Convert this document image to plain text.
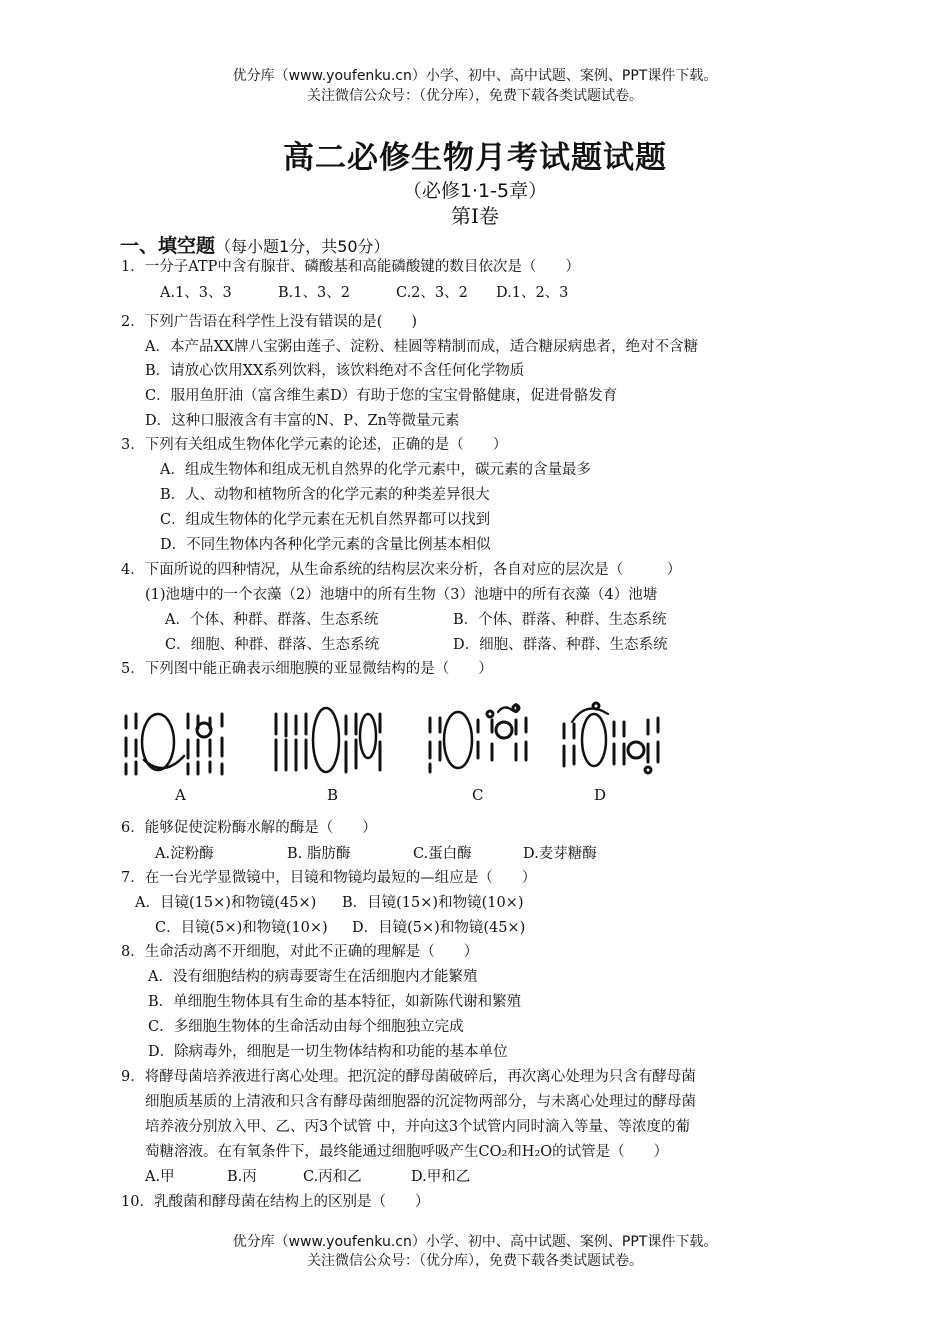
优分库（www.youfenku.cn）小学、初中、高中试题、案例、PPT课件下载。
关注微信公众号：（优分库），免费下载各类试题试卷。
高二必修生物月考试题试题
（必修1·1-5章）
第Ⅰ卷
一、填空题（每小题1分，共50分）
1．一分子ATP中含有腺苷、磷酸基和高能磷酸键的数目依次是（　　）
A.1、3、3	B.1、3、2	C.2、3、2 D.1、2、3
2．下列广告语在科学性上没有错误的是(　　)
A．本产品XX牌八宝粥由莲子、淀粉、桂圆等精制而成，适合糖尿病患者，绝对不含糖
B．请放心饮用XX系列饮料，该饮料绝对不含任何化学物质
C．服用鱼肝油（富含维生素D）有助于您的宝宝骨骼健康，促进骨骼发育
D．这种口服液含有丰富的N、P、Zn等微量元素
3．下列有关组成生物体化学元素的论述，正确的是（　　）
A．组成生物体和组成无机自然界的化学元素中，碳元素的含量最多
B．人、动物和植物所含的化学元素的种类差异很大
C．组成生物体的化学元素在无机自然界都可以找到
D．不同生物体内各种化学元素的含量比例基本相似
4．下面所说的四种情况，从生命系统的结构层次来分析，各自对应的层次是（　　　）
(1)池塘中的一个衣藻（2）池塘中的所有生物（3）池塘中的所有衣藻（4）池塘
A．个体、种群、群落、生态系统	B．个体、群落、种群、生态系统
C．细胞、种群、群落、生态系统	D．细胞、群落、种群、生态系统
5．下列图中能正确表示细胞膜的亚显微结构的是（　　）
A	B	C	D
6．能够促使淀粉酶水解的酶是（　　）
A.淀粉酶	B. 脂肪酶	C.蛋白酶	D.麦芽糖酶
7．在一台光学显微镜中，目镜和物镜均最短的—组应是（　　）
A．目镜(15×)和物镜(45×) B．目镜(15×)和物镜(10×)
C．目镜(5×)和物镜(10×) D．目镜(5×)和物镜(45×)
8．生命活动离不开细胞，对此不正确的理解是（　　）
A．没有细胞结构的病毒要寄生在活细胞内才能繁殖
B．单细胞生物体具有生命的基本特征，如新陈代谢和繁殖
C．多细胞生物体的生命活动由每个细胞独立完成
D．除病毒外，细胞是一切生物体结构和功能的基本单位
9．将酵母菌培养液进行离心处理。把沉淀的酵母菌破碎后，再次离心处理为只含有酵母菌
细胞质基质的上清液和只含有酵母菌细胞器的沉淀物两部分，与未离心处理过的酵母菌
培养液分别放入甲、乙、丙3个试管 中，并向这3个试管内同时滴入等量、等浓度的葡
萄糖溶液。在有氧条件下，最终能通过细胞呼吸产生CO₂和H₂O的试管是（　　）
A.甲	B.丙	C.丙和乙	D.甲和乙
10．乳酸菌和酵母菌在结构上的区别是（　　）
优分库（www.youfenku.cn）小学、初中、高中试题、案例、PPT课件下载。
关注微信公众号：（优分库），免费下载各类试题试卷。
